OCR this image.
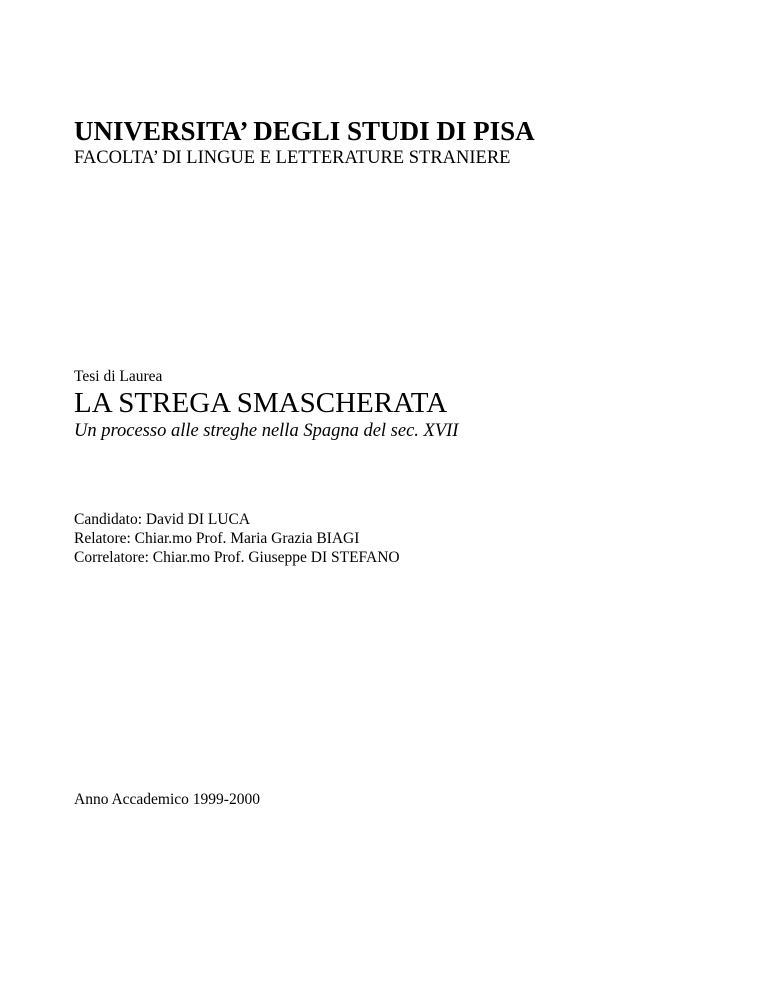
UNIVERSITA’ DEGLI STUDI DI PISA
FACOLTA’ DI LINGUE E LETTERATURE STRANIERE
Tesi di Laurea
LA STREGA SMASCHERATA
Un processo alle streghe nella Spagna del sec. XVII
Candidato: David DI LUCA
Relatore: Chiar.mo Prof. Maria Grazia BIAGI
Correlatore: Chiar.mo Prof. Giuseppe DI STEFANO
Anno Accademico 1999-2000
